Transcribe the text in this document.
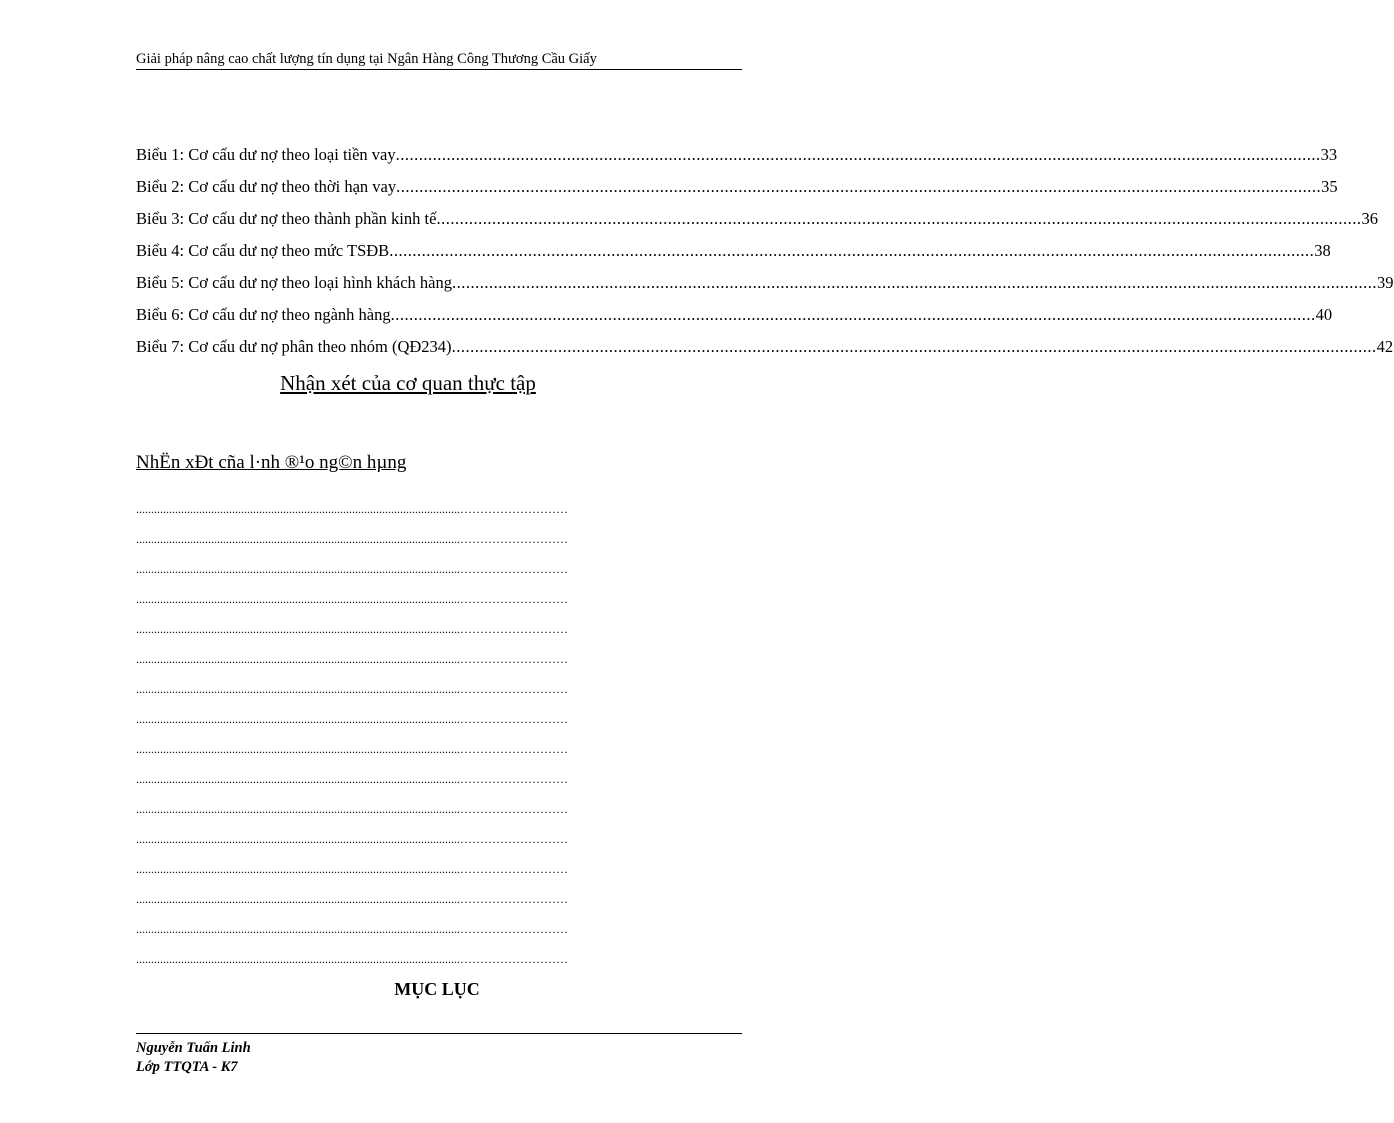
Giải pháp nâng cao chất lượng tín dụng tại Ngân Hàng Công Thương Cầu Giấy
Biểu 1: Cơ cấu dư nợ theo loại tiền vay ........................................................................................................................................................................................................ 33
Biểu 2: Cơ cấu dư nợ theo thời hạn vay ........................................................................................................................................................................................................ 35
Biểu 3: Cơ cấu dư nợ theo thành phần kinh tế ........................................................................................................................................................................................................ 36
Biểu 4: Cơ cấu dư nợ theo mức TSĐB ........................................................................................................................................................................................................ 38
Biểu 5: Cơ cấu dư nợ theo loại hình khách hàng ........................................................................................................................................................................................................ 39
Biểu 6: Cơ cấu dư nợ theo ngành hàng ........................................................................................................................................................................................................ 40
Biểu 7: Cơ cấu dư nợ phân theo nhóm (QĐ234) ........................................................................................................................................................................................................ 42
Nhận xét của cơ quan thực tập
NhËn xÐt cña l·nh ®¹o ng©n hµng
............................................................................................................………………………
............................................................................................................………………………
............................................................................................................………………………
............................................................................................................………………………
............................................................................................................………………………
............................................................................................................………………………
............................................................................................................………………………
............................................................................................................………………………
............................................................................................................………………………
............................................................................................................………………………
............................................................................................................………………………
............................................................................................................………………………
............................................................................................................………………………
............................................................................................................………………………
............................................................................................................………………………
............................................................................................................………………………
MỤC LỤC
Nguyễn Tuấn Linh
Lớp TTQTA - K7
